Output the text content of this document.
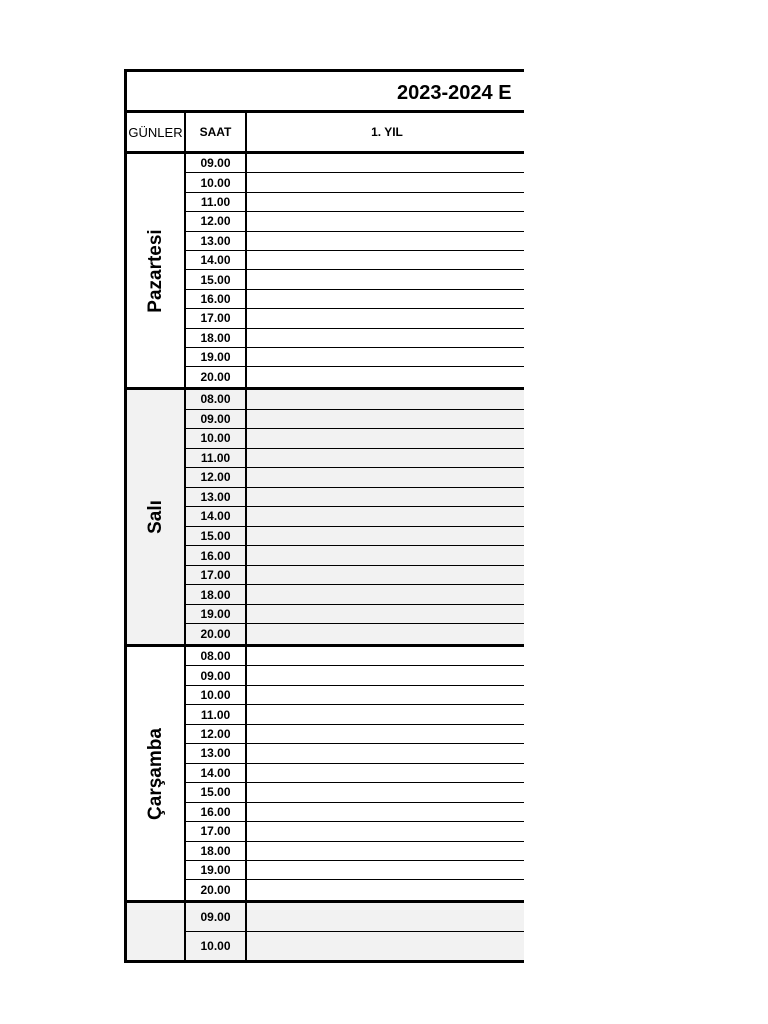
2023-2024 E
GÜNLER	SAAT	1. YIL
Pazartesi
09.00
10.00
11.00
12.00
13.00
14.00
15.00
16.00
17.00
18.00
19.00
20.00
Salı
08.00
09.00
10.00
11.00
12.00
13.00
14.00
15.00
16.00
17.00
18.00
19.00
20.00
Çarşamba
08.00
09.00
10.00
11.00
12.00
13.00
14.00
15.00
16.00
17.00
18.00
19.00
20.00
09.00
10.00
